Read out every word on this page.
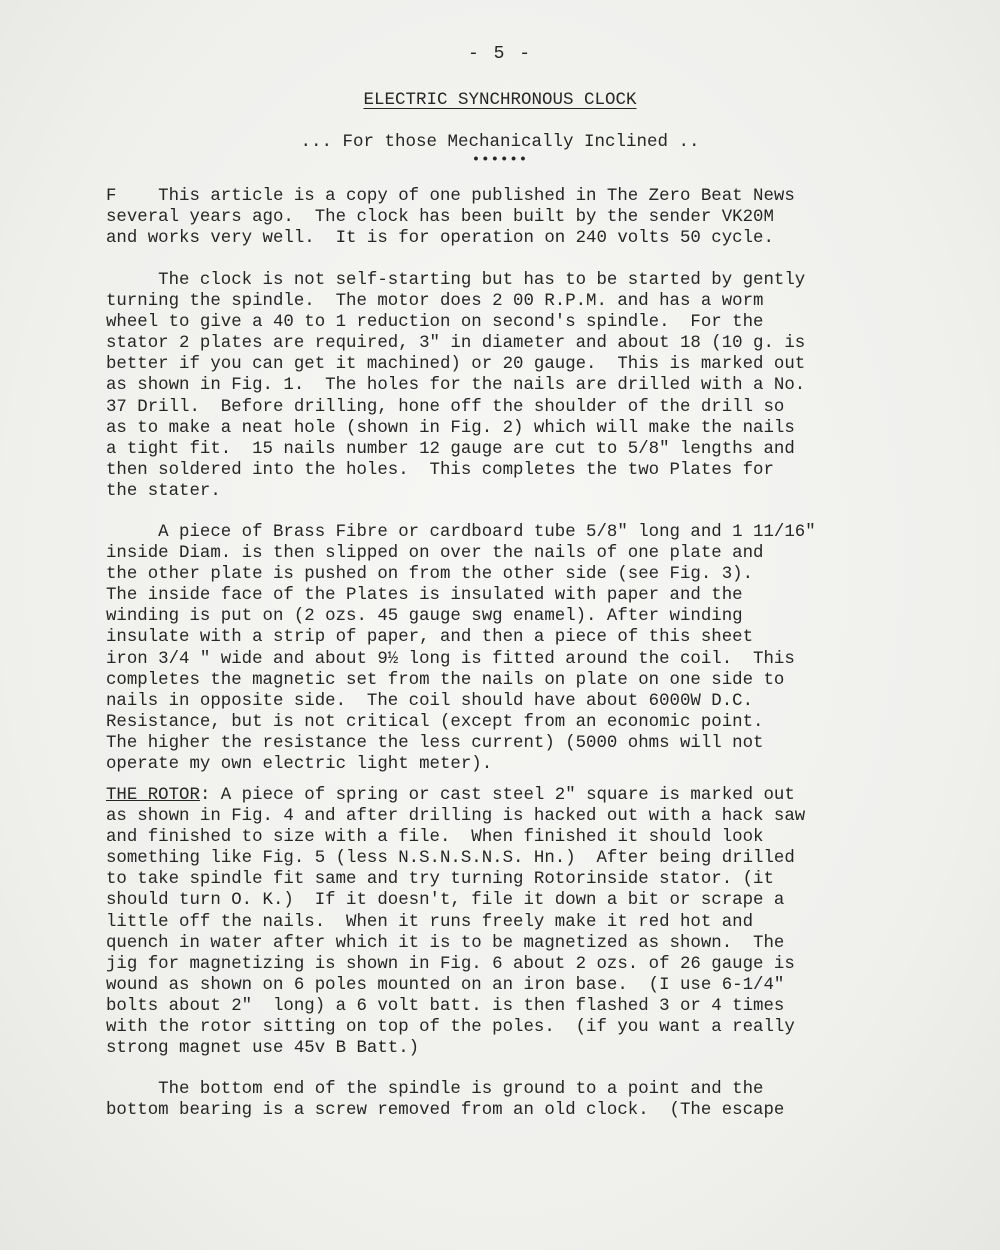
- 5 -
ELECTRIC SYNCHRONOUS CLOCK
... For those Mechanically Inclined ..
••••••
F    This article is a copy of one published in The Zero Beat News
several years ago.  The clock has been built by the sender VK20M
and works very well.  It is for operation on 240 volts 50 cycle.
The clock is not self-starting but has to be started by gently
turning the spindle.  The motor does 2 00 R.P.M. and has a worm
wheel to give a 40 to 1 reduction on second's spindle.  For the
stator 2 plates are required, 3" in diameter and about 18 (10 g. is
better if you can get it machined) or 20 gauge.  This is marked out
as shown in Fig. 1.  The holes for the nails are drilled with a No.
37 Drill.  Before drilling, hone off the shoulder of the drill so
as to make a neat hole (shown in Fig. 2) which will make the nails
a tight fit.  15 nails number 12 gauge are cut to 5/8" lengths and
then soldered into the holes.  This completes the two Plates for
the stater.
A piece of Brass Fibre or cardboard tube 5/8" long and 1 11/16"
inside Diam. is then slipped on over the nails of one plate and
the other plate is pushed on from the other side (see Fig. 3).
The inside face of the Plates is insulated with paper and the
winding is put on (2 ozs. 45 gauge swg enamel). After winding
insulate with a strip of paper, and then a piece of this sheet
iron 3/4 " wide and about 9½ long is fitted around the coil.  This
completes the magnetic set from the nails on plate on one side to
nails in opposite side.  The coil should have about 6000W D.C.
Resistance, but is not critical (except from an economic point.
The higher the resistance the less current) (5000 ohms will not
operate my own electric light meter).
THE ROTOR: A piece of spring or cast steel 2" square is marked out
as shown in Fig. 4 and after drilling is hacked out with a hack saw
and finished to size with a file.  When finished it should look
something like Fig. 5 (less N.S.N.S.N.S. Hn.)  After being drilled
to take spindle fit same and try turning Rotorinside stator. (it
should turn O. K.)  If it doesn't, file it down a bit or scrape a
little off the nails.  When it runs freely make it red hot and
quench in water after which it is to be magnetized as shown.  The
jig for magnetizing is shown in Fig. 6 about 2 ozs. of 26 gauge is
wound as shown on 6 poles mounted on an iron base.  (I use 6-1/4"
bolts about 2"  long) a 6 volt batt. is then flashed 3 or 4 times
with the rotor sitting on top of the poles.  (if you want a really
strong magnet use 45v B Batt.)
The bottom end of the spindle is ground to a point and the
bottom bearing is a screw removed from an old clock.  (The escape
